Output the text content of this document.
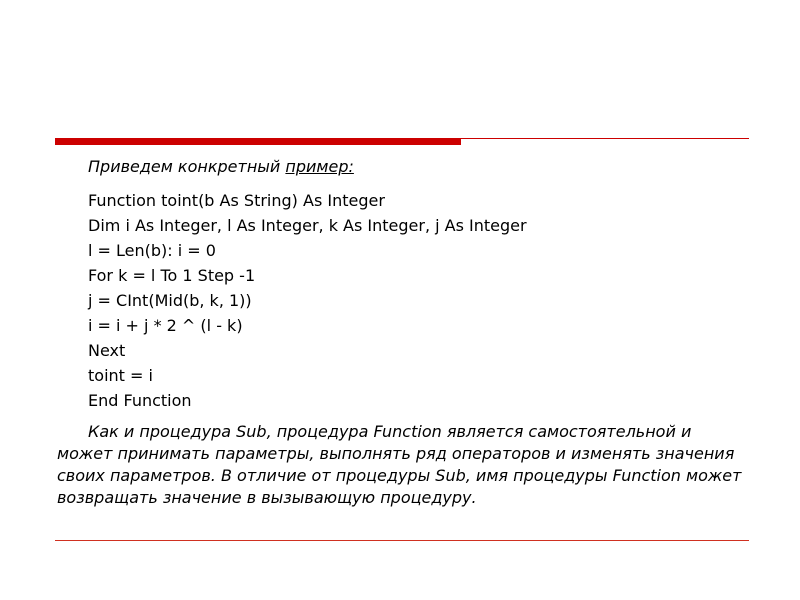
Приведем конкретный пример:

Function toint(b As String) As Integer
Dim i As Integer, l As Integer, k As Integer, j As Integer
l = Len(b): i = 0
For k = l To 1 Step -1
j = CInt(Mid(b, k, 1))
i = i + j * 2 ^ (l - k)
Next
toint = i
End Function

Как и процедура Sub, процедура Function является самостоятельной и может принимать параметры, выполнять ряд операторов и изменять значения своих параметров. В отличие от процедуры Sub, имя процедуры Function может возвращать значение в вызывающую процедуру.
